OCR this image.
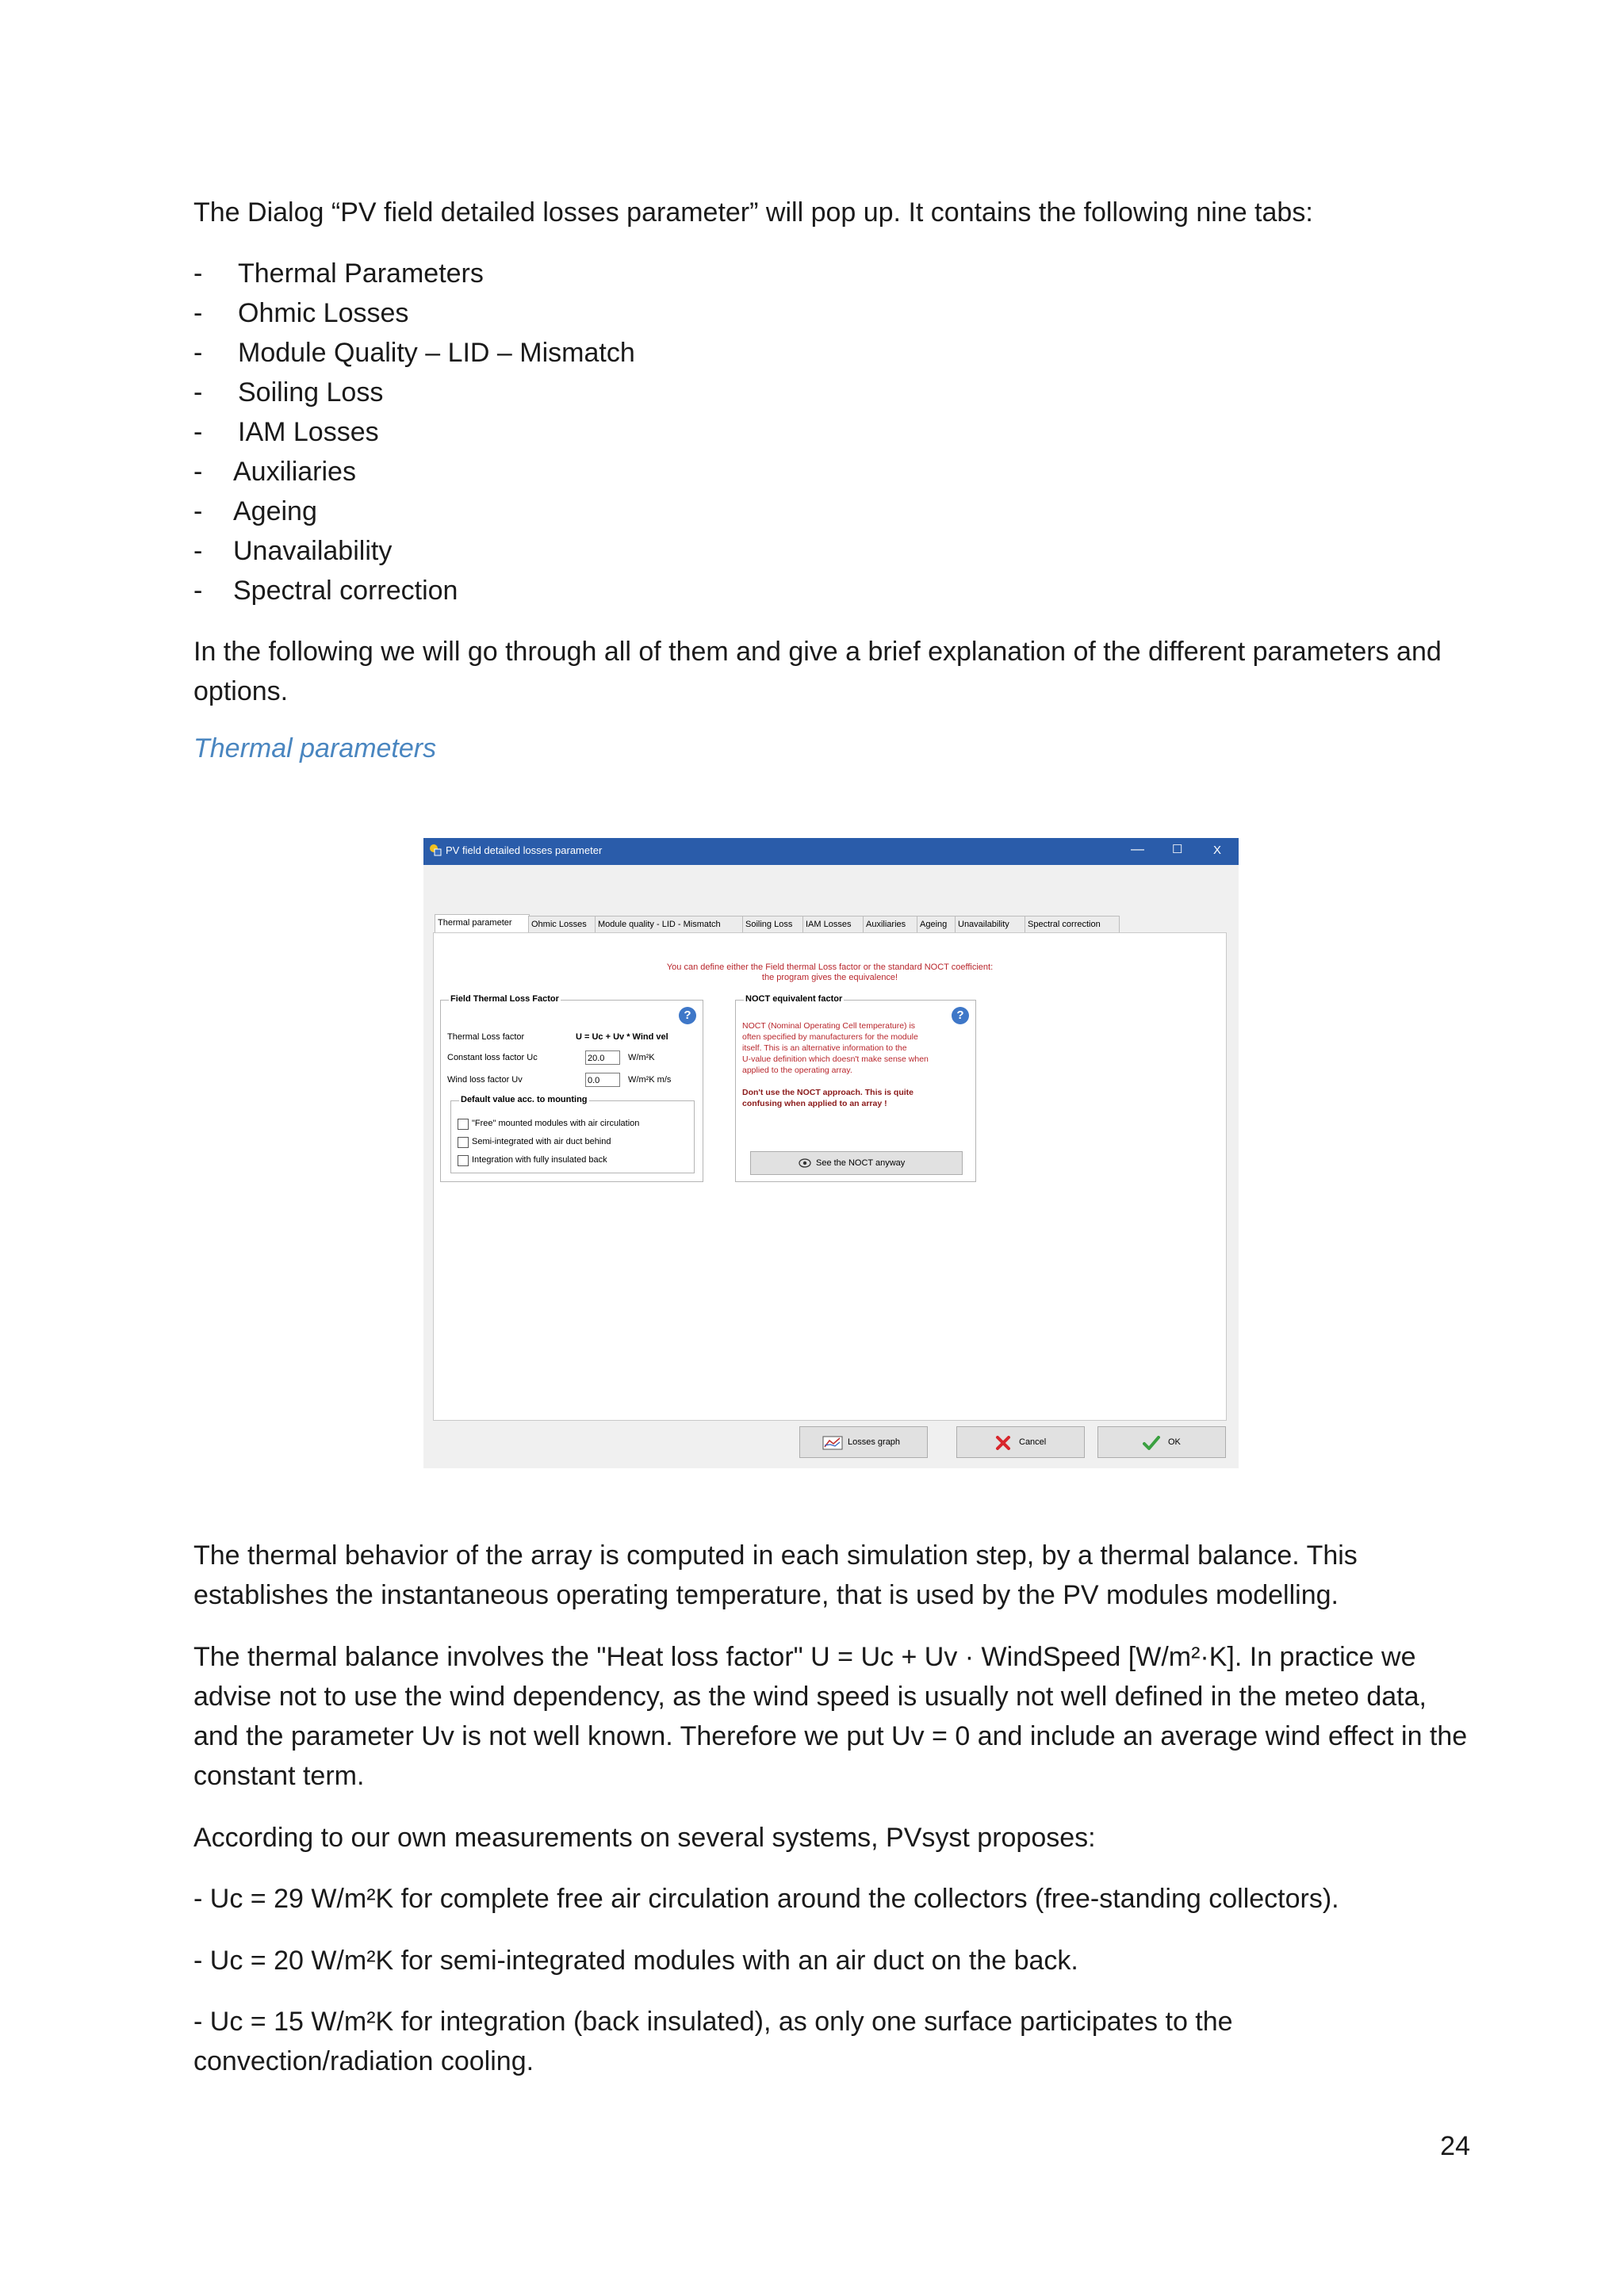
The Dialog “PV field detailed losses parameter” will pop up. It contains the following nine tabs:

- Thermal Parameters
- Ohmic Losses
- Module Quality – LID – Mismatch
- Soiling Loss
- IAM Losses
- Auxiliaries
- Ageing
- Unavailability
- Spectral correction

In the following we will go through all of them and give a brief explanation of the different parameters and options.

Thermal parameters

The thermal behavior of the array is computed in each simulation step, by a thermal balance. This establishes the instantaneous operating temperature, that is used by the PV modules modelling.

The thermal balance involves the "Heat loss factor" U = Uc + Uv · WindSpeed [W/m²·K]. In practice we advise not to use the wind dependency, as the wind speed is usually not well defined in the meteo data, and the parameter Uv is not well known. Therefore we put Uv = 0 and include an average wind effect in the constant term.

According to our own measurements on several systems, PVsyst proposes:

- Uc = 29 W/m²K for complete free air circulation around the collectors (free-standing collectors).

- Uc = 20 W/m²K for semi-integrated modules with an air duct on the back.

- Uc = 15 W/m²K for integration (back insulated), as only one surface participates to the convection/radiation cooling.

24
PV field detailed losses parameter	— ☐	X
Thermal parameter	Ohmic Losses	Module quality - LID - Mismatch	Soiling Loss	IAM Losses	Auxiliaries	Ageing	Unavailability	Spectral correction
You can define either the Field thermal Loss factor or the standard NOCT coefficient:
the program gives the equivalence!
Field Thermal Loss Factor
?
Thermal Loss factor	U = Uc + Uv * Wind vel
Constant loss factor Uc	20.0	W/m²K
Wind loss factor Uv	0.0	W/m²K m/s
Default value acc. to mounting
"Free" mounted modules with air circulation
Semi-integrated with air duct behind
Integration with fully insulated back
NOCT equivalent factor
?
NOCT (Nominal Operating Cell temperature) is
often specified by manufacturers for the module
itself. This is an alternative information to the
U-value definition which doesn't make sense when
applied to the operating array.
Don't use the NOCT approach. This is quite
confusing when applied to an array !
See the NOCT anyway
Losses graph	Cancel	OK
